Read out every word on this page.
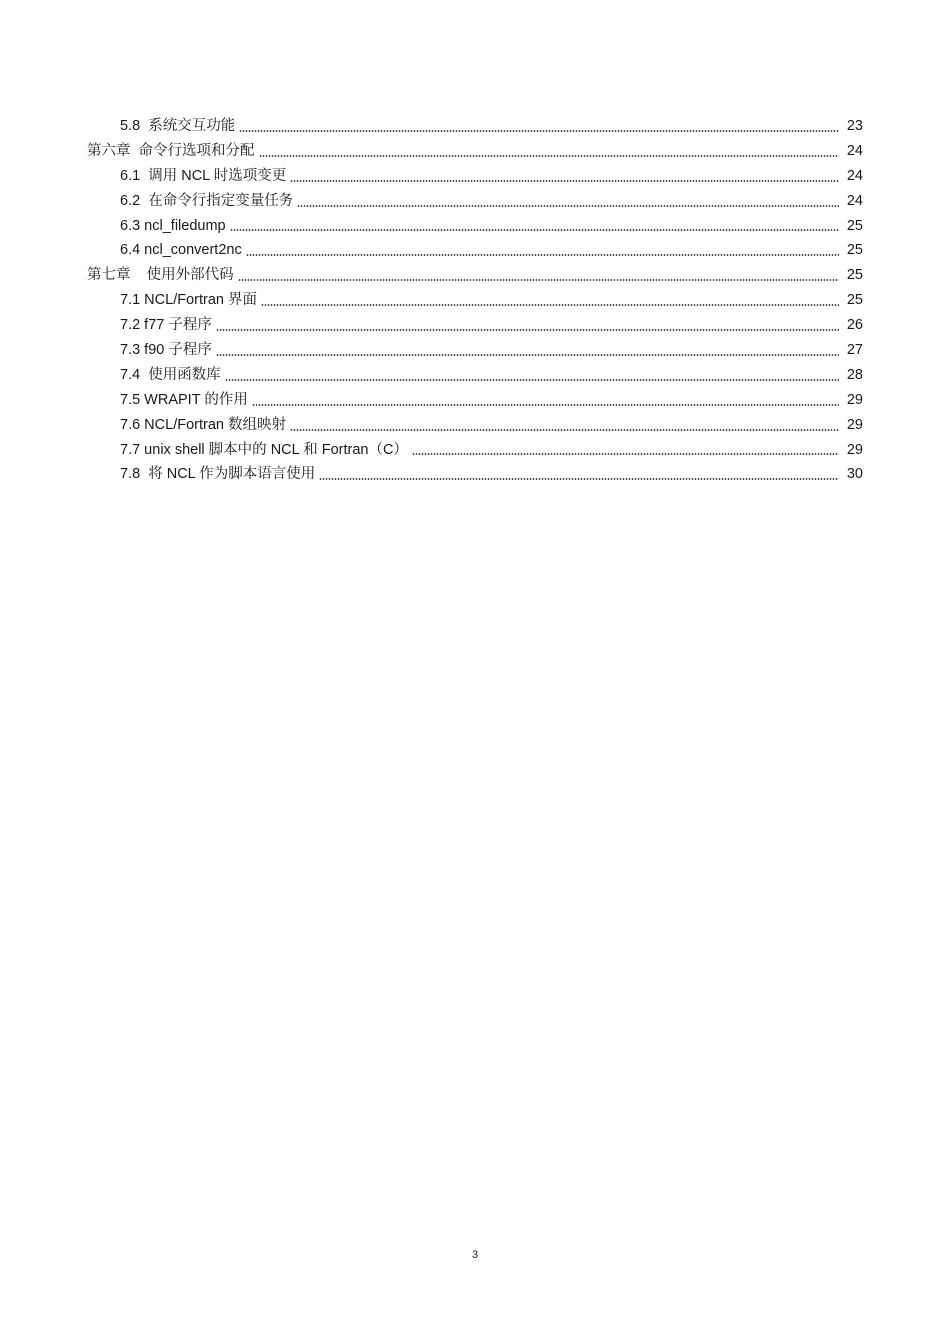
5.8  系统交互功能	23
第六章  命令行选项和分配	24
6.1  调用 NCL 时选项变更	24
6.2  在命令行指定变量任务	24
6.3 ncl_filedump	25
6.4 ncl_convert2nc	25
第七章    使用外部代码	25
7.1 NCL/Fortran 界面	25
7.2 f77 子程序	26
7.3 f90 子程序	27
7.4  使用函数库	28
7.5 WRAPIT 的作用	29
7.6 NCL/Fortran 数组映射	29
7.7 unix shell 脚本中的 NCL 和 Fortran（C）	29
7.8  将 NCL 作为脚本语言使用	30
3
